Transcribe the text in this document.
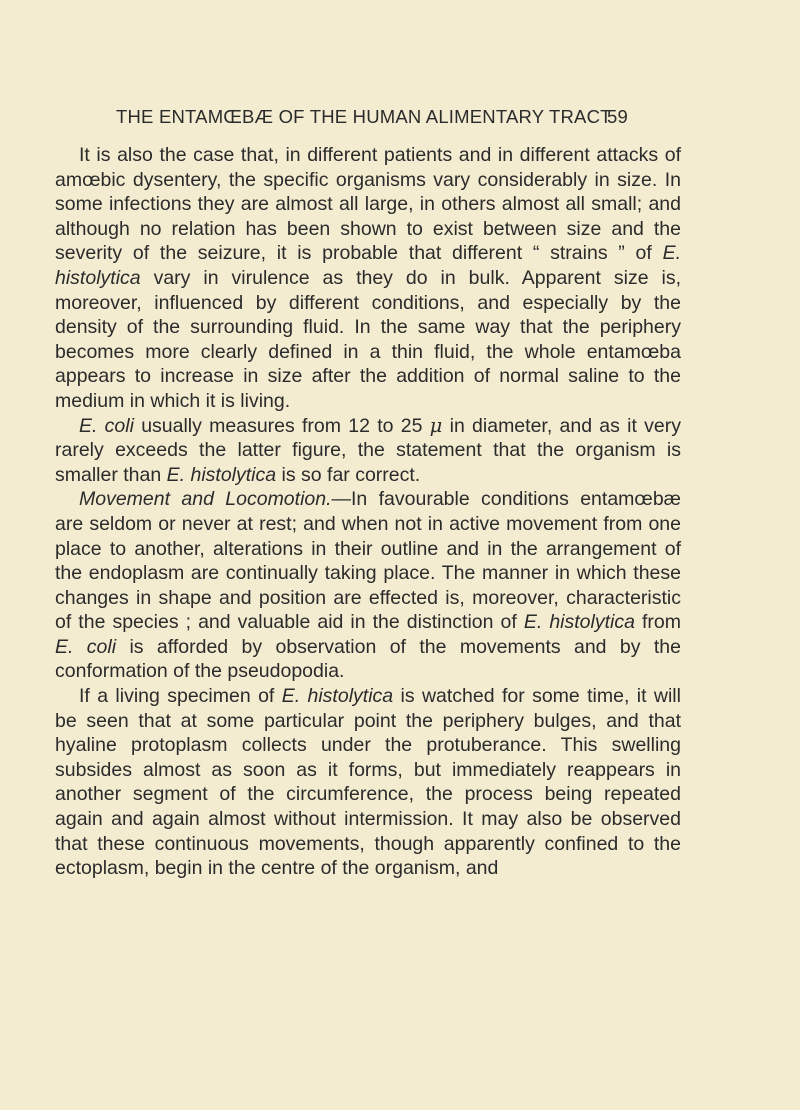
THE ENTAMŒBÆ OF THE HUMAN ALIMENTARY TRACT
59

It is also the case that, in different patients and in different attacks of amœbic dysentery, the specific organisms vary considerably in size. In some infections they are almost all large, in others almost all small; and although no relation has been shown to exist between size and the severity of the seizure, it is probable that different “ strains ” of E. histolytica vary in virulence as they do in bulk. Apparent size is, moreover, influenced by different conditions, and especially by the density of the surrounding fluid. In the same way that the periphery becomes more clearly defined in a thin fluid, the whole entamœba appears to increase in size after the addition of normal saline to the medium in which it is living.

E. coli usually measures from 12 to 25 μ in diameter, and as it very rarely exceeds the latter figure, the statement that the organism is smaller than E. histolytica is so far correct.

Movement and Locomotion.—In favourable conditions entamœbæ are seldom or never at rest; and when not in active movement from one place to another, alterations in their outline and in the arrangement of the endoplasm are continually taking place. The manner in which these changes in shape and position are effected is, moreover, characteristic of the species ; and valuable aid in the distinction of E. histolytica from E. coli is afforded by observation of the movements and by the conformation of the pseudopodia.

If a living specimen of E. histolytica is watched for some time, it will be seen that at some particular point the periphery bulges, and that hyaline protoplasm collects under the protuberance. This swelling subsides almost as soon as it forms, but immediately reappears in another segment of the circumference, the process being repeated again and again almost without intermission. It may also be observed that these continuous movements, though apparently confined to the ectoplasm, begin in the centre of the organism, and
